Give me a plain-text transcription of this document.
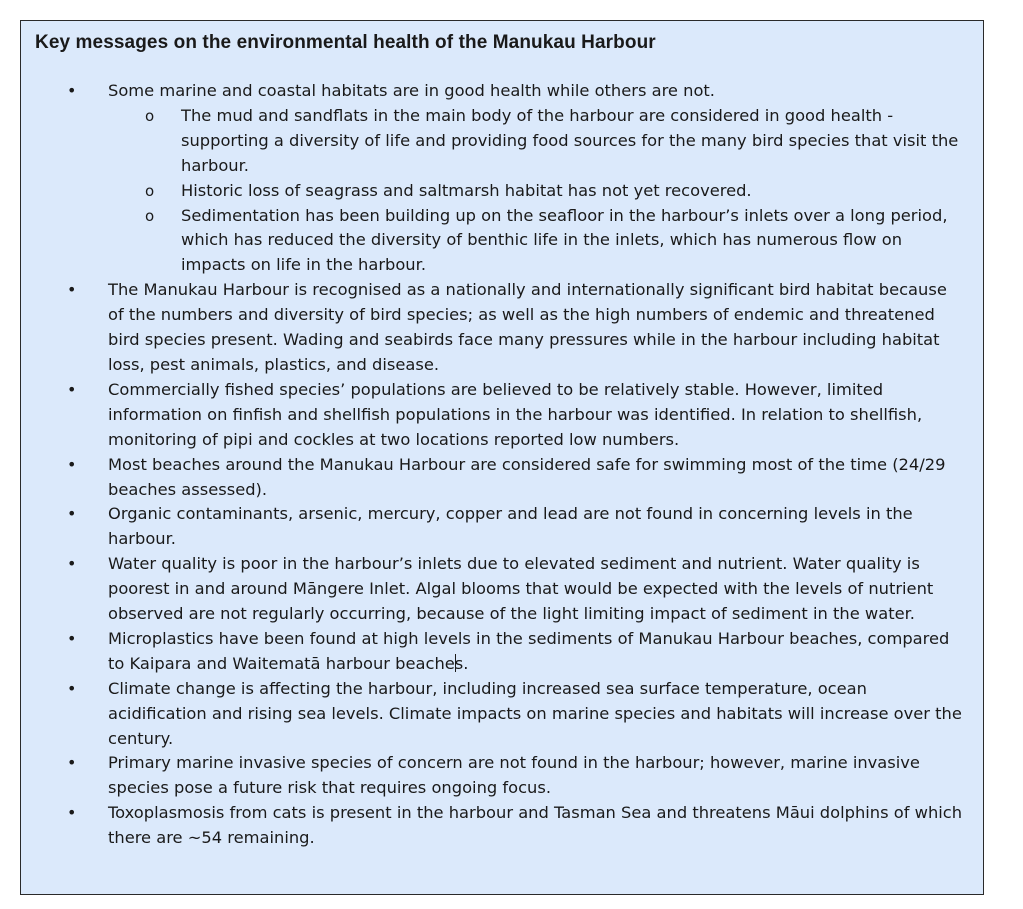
Key messages on the environmental health of the Manukau Harbour
• Some marine and coastal habitats are in good health while others are not.
o The mud and sandflats in the main body of the harbour are considered in good health - supporting a diversity of life and providing food sources for the many bird species that visit the harbour.
o Historic loss of seagrass and saltmarsh habitat has not yet recovered.
o Sedimentation has been building up on the seafloor in the harbour’s inlets over a long period, which has reduced the diversity of benthic life in the inlets, which has numerous flow on impacts on life in the harbour.
• The Manukau Harbour is recognised as a nationally and internationally significant bird habitat because of the numbers and diversity of bird species; as well as the high numbers of endemic and threatened bird species present. Wading and seabirds face many pressures while in the harbour including habitat loss, pest animals, plastics, and disease.
• Commercially fished species’ populations are believed to be relatively stable. However, limited information on finfish and shellfish populations in the harbour was identified. In relation to shellfish, monitoring of pipi and cockles at two locations reported low numbers.
• Most beaches around the Manukau Harbour are considered safe for swimming most of the time (24/29 beaches assessed).
• Organic contaminants, arsenic, mercury, copper and lead are not found in concerning levels in the harbour.
• Water quality is poor in the harbour’s inlets due to elevated sediment and nutrient. Water quality is poorest in and around Māngere Inlet. Algal blooms that would be expected with the levels of nutrient observed are not regularly occurring, because of the light limiting impact of sediment in the water.
• Microplastics have been found at high levels in the sediments of Manukau Harbour beaches, compared to Kaipara and Waitematā harbour beaches.
• Climate change is affecting the harbour, including increased sea surface temperature, ocean acidification and rising sea levels. Climate impacts on marine species and habitats will increase over the century.
• Primary marine invasive species of concern are not found in the harbour; however, marine invasive species pose a future risk that requires ongoing focus.
• Toxoplasmosis from cats is present in the harbour and Tasman Sea and threatens Māui dolphins of which there are ~54 remaining.
